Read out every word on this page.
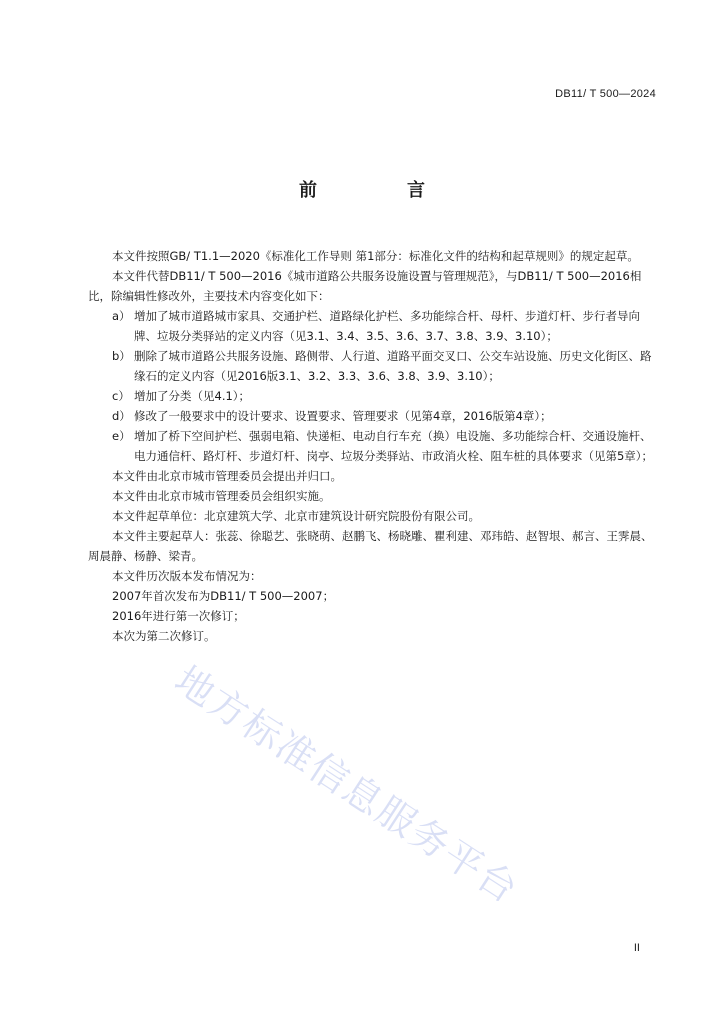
DB11/ T 500—2024
前　言

本文件按照GB/ T1.1—2020《标准化工作导则 第1部分：标准化文件的结构和起草规则》的规定起草。

本文件代替DB11/ T 500—2016《城市道路公共服务设施设置与管理规范》，与DB11/ T 500—2016相比，除编辑性修改外，主要技术内容变化如下：

a） 增加了城市道路城市家具、交通护栏、道路绿化护栏、多功能综合杆、母杆、步道灯杆、步行者导向牌、垃圾分类驿站的定义内容（见3.1、3.4、3.5、3.6、3.7、3.8、3.9、3.10）；
b） 删除了城市道路公共服务设施、路侧带、人行道、道路平面交叉口、公交车站设施、历史文化街区、路缘石的定义内容（见2016版3.1、3.2、3.3、3.6、3.8、3.9、3.10）；
c） 增加了分类（见4.1）；
d） 修改了一般要求中的设计要求、设置要求、管理要求（见第4章，2016版第4章）；
e） 增加了桥下空间护栏、强弱电箱、快递柜、电动自行车充（换）电设施、多功能综合杆、交通设施杆、电力通信杆、路灯杆、步道灯杆、岗亭、垃圾分类驿站、市政消火栓、阻车桩的具体要求（见第5章）；

本文件由北京市城市管理委员会提出并归口。

本文件由北京市城市管理委员会组织实施。

本文件起草单位：北京建筑大学、北京市建筑设计研究院股份有限公司。

本文件主要起草人：张蕊、徐聪艺、张晓萌、赵鹏飞、杨晓雕、瞿利建、邓玮皓、赵智垠、郝言、王霁晨、周晨静、杨静、梁青。

本文件历次版本发布情况为：

2007年首次发布为DB11/ T 500—2007；

2016年进行第一次修订；

本次为第二次修订。

地方标准信息服务平台
II
